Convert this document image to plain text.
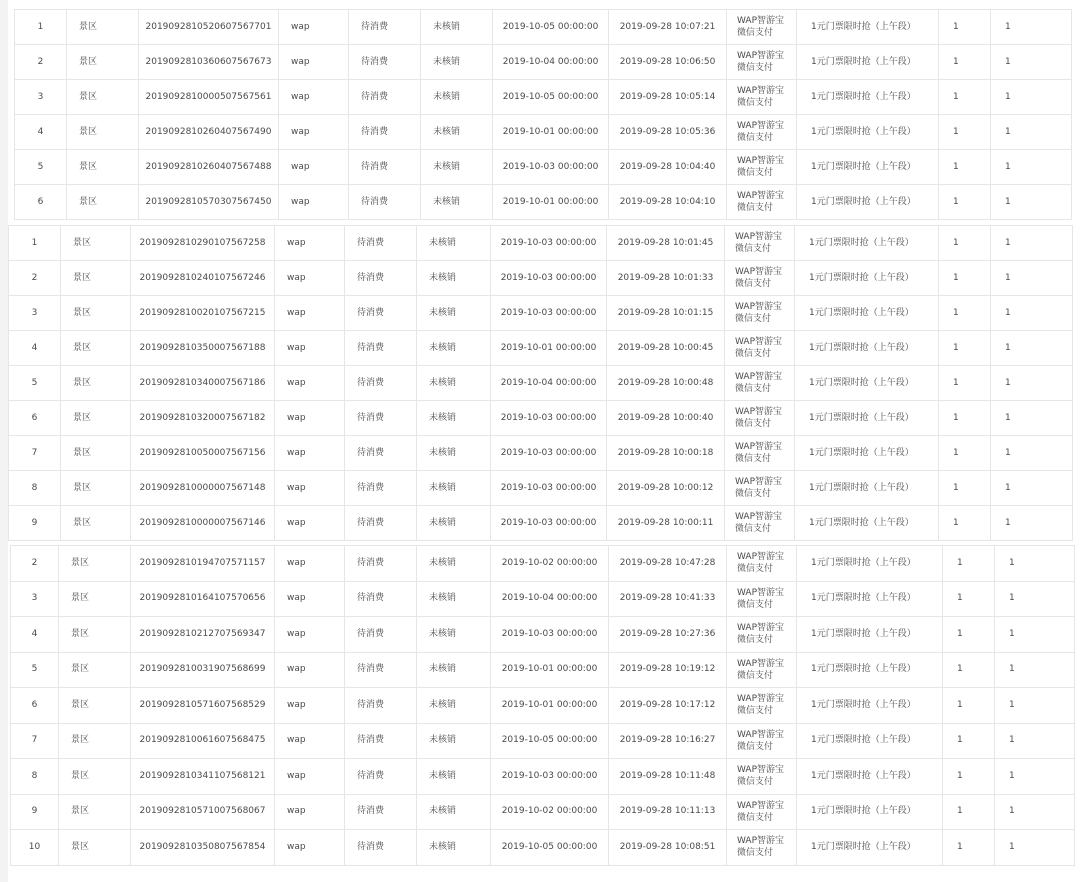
1	景区	2019092810520607567701	wap	待消费	未核销	2019-10-05 00:00:00	2019-09-28 10:07:21	WAP智游宝
微信支付	1元门票限时抢（上午段）	1	1
2	景区	2019092810360607567673	wap	待消费	未核销	2019-10-04 00:00:00	2019-09-28 10:06:50	WAP智游宝
微信支付	1元门票限时抢（上午段）	1	1
3	景区	2019092810000507567561	wap	待消费	未核销	2019-10-05 00:00:00	2019-09-28 10:05:14	WAP智游宝
微信支付	1元门票限时抢（上午段）	1	1
4	景区	2019092810260407567490	wap	待消费	未核销	2019-10-01 00:00:00	2019-09-28 10:05:36	WAP智游宝
微信支付	1元门票限时抢（上午段）	1	1
5	景区	2019092810260407567488	wap	待消费	未核销	2019-10-03 00:00:00	2019-09-28 10:04:40	WAP智游宝
微信支付	1元门票限时抢（上午段）	1	1
6	景区	2019092810570307567450	wap	待消费	未核销	2019-10-01 00:00:00	2019-09-28 10:04:10	WAP智游宝
微信支付	1元门票限时抢（上午段）	1	1
1	景区	2019092810290107567258	wap	待消费	未核销	2019-10-03 00:00:00	2019-09-28 10:01:45	WAP智游宝
微信支付	1元门票限时抢（上午段）	1	1
2	景区	2019092810240107567246	wap	待消费	未核销	2019-10-03 00:00:00	2019-09-28 10:01:33	WAP智游宝
微信支付	1元门票限时抢（上午段）	1	1
3	景区	2019092810020107567215	wap	待消费	未核销	2019-10-03 00:00:00	2019-09-28 10:01:15	WAP智游宝
微信支付	1元门票限时抢（上午段）	1	1
4	景区	2019092810350007567188	wap	待消费	未核销	2019-10-01 00:00:00	2019-09-28 10:00:45	WAP智游宝
微信支付	1元门票限时抢（上午段）	1	1
5	景区	2019092810340007567186	wap	待消费	未核销	2019-10-04 00:00:00	2019-09-28 10:00:48	WAP智游宝
微信支付	1元门票限时抢（上午段）	1	1
6	景区	2019092810320007567182	wap	待消费	未核销	2019-10-03 00:00:00	2019-09-28 10:00:40	WAP智游宝
微信支付	1元门票限时抢（上午段）	1	1
7	景区	2019092810050007567156	wap	待消费	未核销	2019-10-03 00:00:00	2019-09-28 10:00:18	WAP智游宝
微信支付	1元门票限时抢（上午段）	1	1
8	景区	2019092810000007567148	wap	待消费	未核销	2019-10-03 00:00:00	2019-09-28 10:00:12	WAP智游宝
微信支付	1元门票限时抢（上午段）	1	1
9	景区	2019092810000007567146	wap	待消费	未核销	2019-10-03 00:00:00	2019-09-28 10:00:11	WAP智游宝
微信支付	1元门票限时抢（上午段）	1	1
2	景区	2019092810194707571157	wap	待消费	未核销	2019-10-02 00:00:00	2019-09-28 10:47:28	WAP智游宝
微信支付	1元门票限时抢（上午段）	1	1
3	景区	2019092810164107570656	wap	待消费	未核销	2019-10-04 00:00:00	2019-09-28 10:41:33	WAP智游宝
微信支付	1元门票限时抢（上午段）	1	1
4	景区	2019092810212707569347	wap	待消费	未核销	2019-10-03 00:00:00	2019-09-28 10:27:36	WAP智游宝
微信支付	1元门票限时抢（上午段）	1	1
5	景区	2019092810031907568699	wap	待消费	未核销	2019-10-01 00:00:00	2019-09-28 10:19:12	WAP智游宝
微信支付	1元门票限时抢（上午段）	1	1
6	景区	2019092810571607568529	wap	待消费	未核销	2019-10-01 00:00:00	2019-09-28 10:17:12	WAP智游宝
微信支付	1元门票限时抢（上午段）	1	1
7	景区	2019092810061607568475	wap	待消费	未核销	2019-10-05 00:00:00	2019-09-28 10:16:27	WAP智游宝
微信支付	1元门票限时抢（上午段）	1	1
8	景区	2019092810341107568121	wap	待消费	未核销	2019-10-03 00:00:00	2019-09-28 10:11:48	WAP智游宝
微信支付	1元门票限时抢（上午段）	1	1
9	景区	2019092810571007568067	wap	待消费	未核销	2019-10-02 00:00:00	2019-09-28 10:11:13	WAP智游宝
微信支付	1元门票限时抢（上午段）	1	1
10	景区	2019092810350807567854	wap	待消费	未核销	2019-10-05 00:00:00	2019-09-28 10:08:51	WAP智游宝
微信支付	1元门票限时抢（上午段）	1	1
